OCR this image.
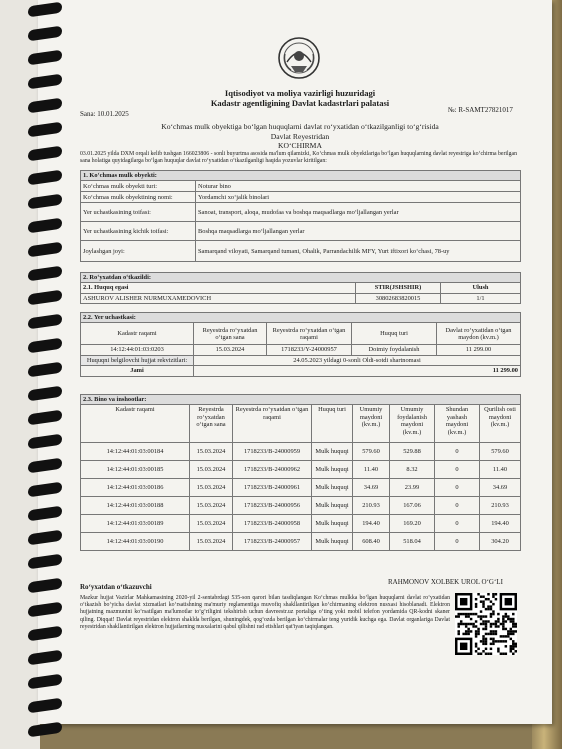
Iqtisodiyot va moliya vazirligi huzuridagi
Kadastr agentligining Davlat kadastrlari palatasi
Sana: 10.01.2025	№: R-SAMT27821017
Ko‘chmas mulk obyektiga bo‘lgan huquqlarni davlat ro‘yxatidan o‘tkazilganligi to‘g‘risida
Davlat Reyestridan
KO‘CHIRMA
03.01.2025 yilda DXM orqali kelib tushgan 166023806 - sonli buyurtma asosida ma'lum qilamizki, Ko‘chmas mulk obyektlariga bo‘lgan huquqlarning davlat reyestriga ko‘chirma berilgan sana holatiga quyidagilarga bo‘lgan huquqlar davlat ro‘yxatidan o‘tkazilganligi haqida yozuvlar kiritilgan:
1. Ko‘chmas mulk obyekti:	
Ko‘chmas mulk obyekti turi:	Noturar bino
Ko‘chmas mulk obyektining nomi:	Yordamchi xo‘jalik binolari
Yer uchastkasining toifasi:	Sanoat, transport, aloqa, mudofaa va boshqa maqsadlarga mo‘ljallangan yerlar
Yer uchastkasining kichik toifasi:	Boshqa maqsadlarga mo‘ljallangan yerlar
Joylashgan joyi:	Samarqand viloyati, Samarqand tumani, Ohalik, Parrandachilik MFY, Yurt iftixori ko‘chasi, 78-uy
2. Ro‘yxatdan o‘tkazildi:		
2.1. Huquq egasi	STIR(JSHSHIR)	Ulush
ASHUROV ALISHER NURMUXAMEDOVICH	30802683820015	1/1
2.2. Yer uchastkasi:				
Kadastr raqami	Reyestrda ro‘yxatdan o‘tgan sana	Reyestrda ro‘yxatdan o‘tgan raqami	Huquq turi	Davlat ro‘yxatidan o‘tgan maydon (kv.m.)
14:12:44:01:03:0203	15.03.2024	1718233/Y-24000957	Doimiy foydalanish	11 299.00
Huquqni belgilovchi hujjat rekvizitlari:	24.05.2023 yildagi 0-sonli Oldi-sotdi shartnomasi			
Jami	11 299.00			
2.3. Bino va inshootlar:							
Kadastr raqami	Reyestrda ro‘yxatdan o‘tgan sana	Reyestrda ro‘yxatdan o‘tgan raqami	Huquq turi	Umumiy maydoni (kv.m.)	Umumiy foydalanish maydoni (kv.m.)	Shundan yashash maydoni (kv.m.)	Qurilish osti maydoni (kv.m.)
14:12:44:01:03:00184	15.03.2024	1718233/B-24000959	Mulk huquqi	579.60	529.88	0	579.60
14:12:44:01:03:00185	15.03.2024	1718233/B-24000962	Mulk huquqi	11.40	8.32	0	11.40
14:12:44:01:03:00186	15.03.2024	1718233/B-24000961	Mulk huquqi	34.69	23.99	0	34.69
14:12:44:01:03:00188	15.03.2024	1718233/B-24000956	Mulk huquqi	210.93	167.06	0	210.93
14:12:44:01:03:00189	15.03.2024	1718233/B-24000958	Mulk huquqi	194.40	169.20	0	194.40
14:12:44:01:03:00190	15.03.2024	1718233/B-24000957	Mulk huquqi	608.40	518.04	0	304.20
Ro‘yxatdan o‘tkazuvchi
RAHMONOV XOLBEK UROL O‘G‘LI
Mazkur hujjat Vazirlar Mahkamasining 2020-yil 2-sentabrdagi 535-son qarori bilan tasdiqlangan Ko‘chmas mulkka bo‘lgan huquqlarni davlat ro‘yxatidan o‘tkazish bo‘yicha davlat xizmatlari ko‘rsatishning ma'muriy reglamentiga muvofiq shakllantirilgan ko‘chirmaning elektron nusxasi hisoblanadi. Elektron hujjatning mazmunini ko‘rsatilgan ma'lumotlar to‘g‘riligini tekshirish uchun davreestr.uz portaliga o‘ting yoki mobil telefon yordamida QR-kodni skaner qiling. Diqqat! Davlat reyestridan elektron shaklda berilgan, shuningdek, qog‘ozda berilgan ko‘chirmalar teng yuridik kuchga ega. Davlat organlariga Davlat reyestridan shakllantirilgan elektron hujjatlarning nusxalarini qabul qilishni rad etishlari qat'iyan taqiqlangan.
